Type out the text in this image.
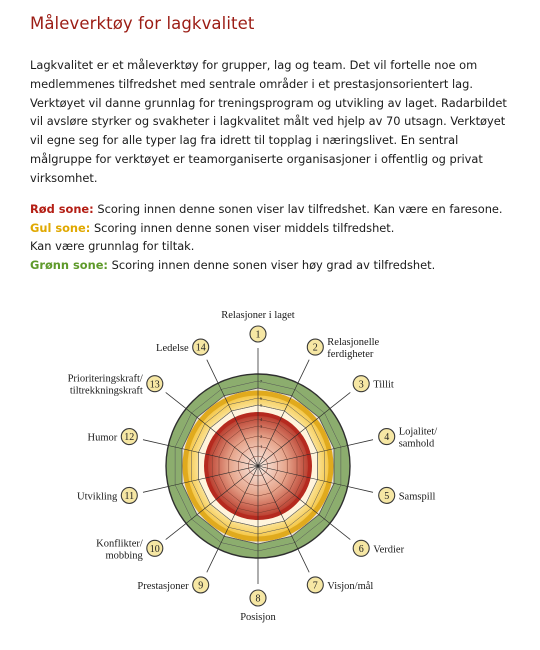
Måleverktøy for lagkvalitet
Lagkvalitet er et måleverktøy for grupper, lag og team. Det vil fortelle noe om medlemmenes tilfredshet med sentrale områder i et prestasjonsorientert lag. Verktøyet vil danne grunnlag for treningsprogram og utvikling av laget. Radarbildet vil avsløre styrker og svakheter i lagkvalitet målt ved hjelp av 70 utsagn. Verktøyet vil egne seg for alle typer lag fra idrett til topplag i næringslivet. En sentral målgruppe for verktøyet er teamorganiserte organisasjoner i offentlig og privat virksomhet.
Rød sone: Scoring innen denne sonen viser lav tilfredshet. Kan være en faresone.
Gul sone: Scoring innen denne sonen viser middels tilfredshet.
Kan være grunnlag for tiltak.
Grønn sone: Scoring innen denne sonen viser høy grad av tilfredshet.
1
2
3
4
5
6
7
1
Relasjoner i laget
2
Relasjonelle
ferdigheter
3 Tillit
4
Lojalitet/
samhold
5 Samspill
6 Verdier
7 Visjon/mål
8
Posisjon
9
Prestasjoner
10
Konflikter/
mobbing
11
Utvikling
12
Humor
13
Prioriteringskraft/
tiltrekkningskraft
14
Ledelse
